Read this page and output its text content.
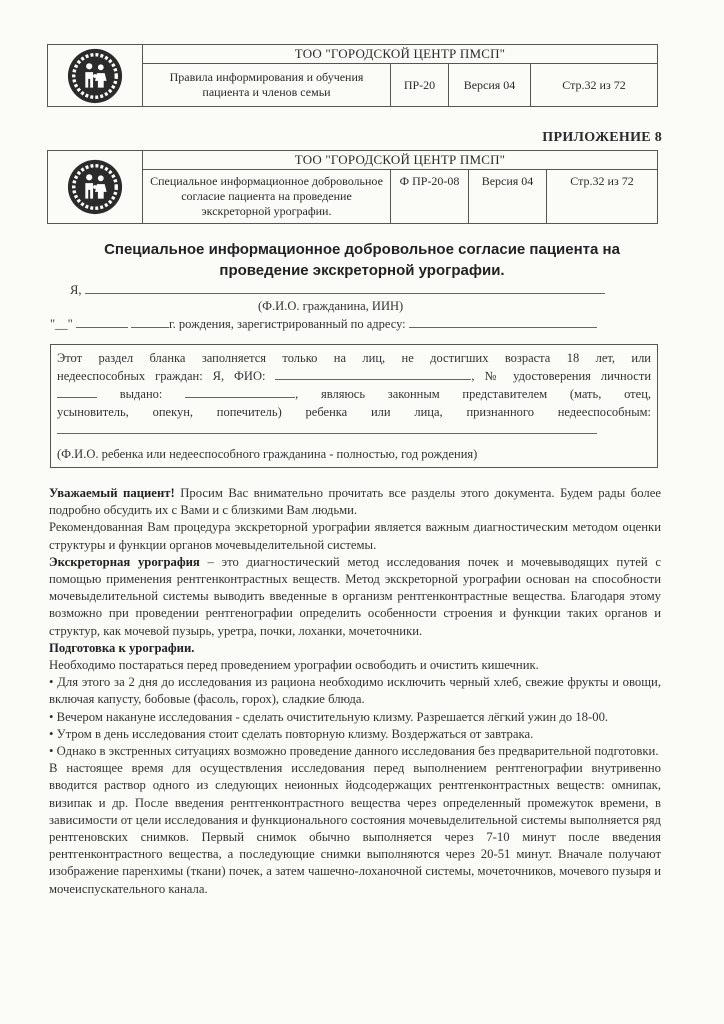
ТОО "ГОРОДСКОЙ ЦЕНТР ПМСП"
Правила информирования и обучения пациента и членов семьи
ПР-20	Версия 04	Стр.32 из 72
ПРИЛОЖЕНИЕ 8
ТОО "ГОРОДСКОЙ ЦЕНТР ПМСП"
Специальное информационное добровольное согласие пациента на проведение экскреторной урографии.
Ф ПР-20-08	Версия 04	Стр.32 из 72
Специальное информационное добровольное согласие пациента на
проведение экскреторной урографии.
Я,
(Ф.И.О. гражданина, ИИН)
"__"	г. рождения, зарегистрированный по адресу:
Этот раздел бланка заполняется только на лиц, не достигших возраста 18 лет, или
недееспособных граждан: Я, ФИО:	, № удостоверения личности
выдано:	, являюсь законным представителем (мать, отец,
усыновитель, опекун, попечитель) ребенка или лица, признанного недееспособным:
(Ф.И.О. ребенка или недееспособного гражданина - полностью, год рождения)

Уважаемый пациент! Просим Вас внимательно прочитать все разделы этого документа. Будем рады более подробно обсудить их с Вами и с близкими Вам людьми.

Рекомендованная Вам процедура экскреторной урографии является важным диагностическим методом оценки структуры и функции органов мочевыделительной системы.

Экскреторная урография – это диагностический метод исследования почек и мочевыводящих путей с помощью применения рентгенконтрастных веществ. Метод экскреторной урографии основан на способности мочевыделительной системы выводить введенные в организм рентгенконтрастные вещества. Благодаря этому возможно при проведении рентгенографии определить особенности строения и функции таких органов и структур, как мочевой пузырь, уретра, почки, лоханки, мочеточники.

Подготовка к урографии.

Необходимо постараться перед проведением урографии освободить и очистить кишечник.

• Для этого за 2 дня до исследования из рациона необходимо исключить черный хлеб, свежие фрукты и овощи, включая капусту, бобовые (фасоль, горох), сладкие блюда.

• Вечером накануне исследования - сделать очистительную клизму. Разрешается лёгкий ужин до 18-00.

• Утром в день исследования стоит сделать повторную клизму. Воздержаться от завтрака.

• Однако в экстренных ситуациях возможно проведение данного исследования без предварительной подготовки.

В настоящее время для осуществления исследования перед выполнением рентгенографии внутривенно вводится раствор одного из следующих неионных йодсодержащих рентгенконтрастных веществ: омнипак, визипак и др. После введения рентгенконтрастного вещества через определенный промежуток времени, в зависимости от цели исследования и функционального состояния мочевыделительной системы выполняется ряд рентгеновских снимков. Первый снимок обычно выполняется через 7-10 минут после введения рентгенконтрастного вещества, а последующие снимки выполняются через 20-51 минут. Вначале получают изображение паренхимы (ткани) почек, а затем чашечно-лоханочной системы, мочеточников, мочевого пузыря и мочеиспускательного канала.
